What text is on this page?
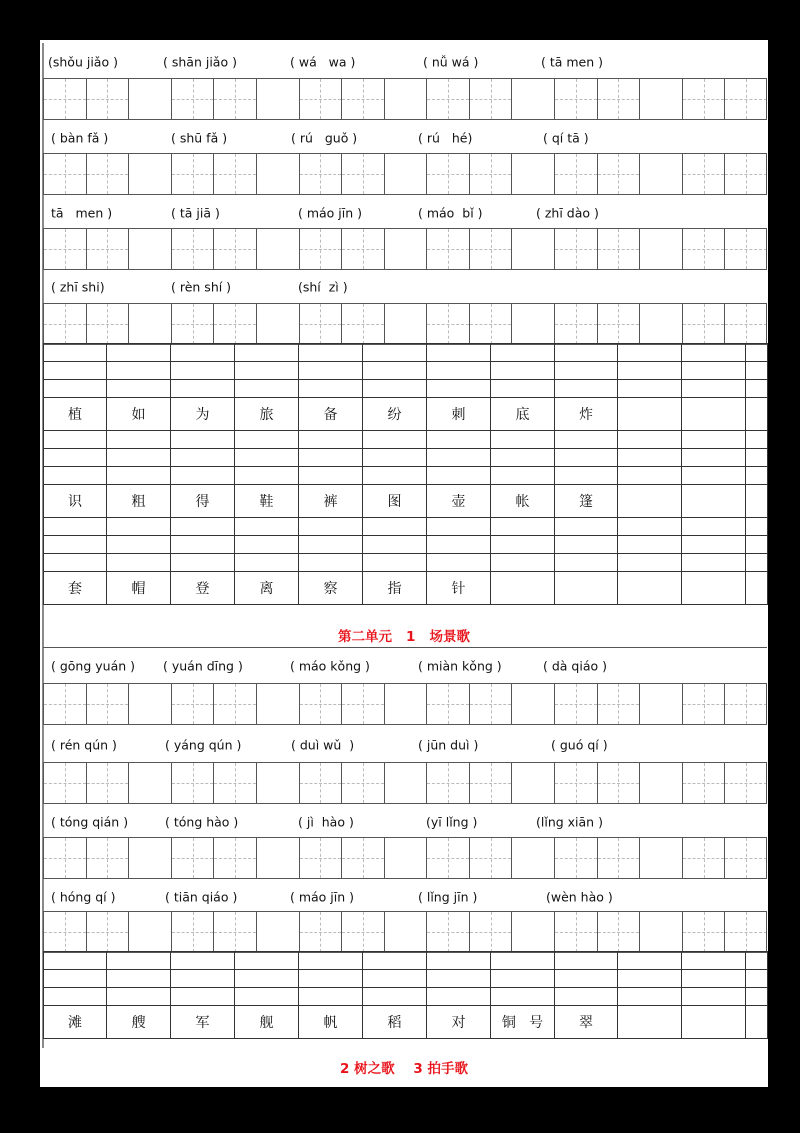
(shǒu jiǎo )

	( shān jiǎo )

	( wá   wa )

	( nǚ wá )

	( tā men )

( bàn fǎ )

	( shū fǎ )

	( rú   guǒ )

	( rú   hé)

	( qí tā )

tā   men )

	( tā jiā )

	( máo jīn )

	( máo  bǐ )

	( zhī dào )

( zhī shi)

	( rèn shí )

	(shí  zì )

植	如	为	旅	备	纷	刺	底	炸			

识	粗	得	鞋	裤	图	壶	帐	篷			

套	帽	登	离	察	指	针					
第二单元   1   场景歌

( gōng yuán )

( yuán dīng )

	( máo kǒng )

	( miàn kǒng )

	( dà qiáo )

( rén qún )

	( yáng qún )

	( duì wǔ  )

	( jūn duì )

	( guó qí )

( tóng qián )

	( tóng hào )

	( jì  hào )

	(yī lǐng )

	(lǐng xiān )

( hóng qí )

	( tiān qiáo )

	( máo jīn )

	( lǐng jīn )

	(wèn hào )

滩	艘	军	舰	帆	稻	对	铜   号	翠			
2 树之歌    3 拍手歌
